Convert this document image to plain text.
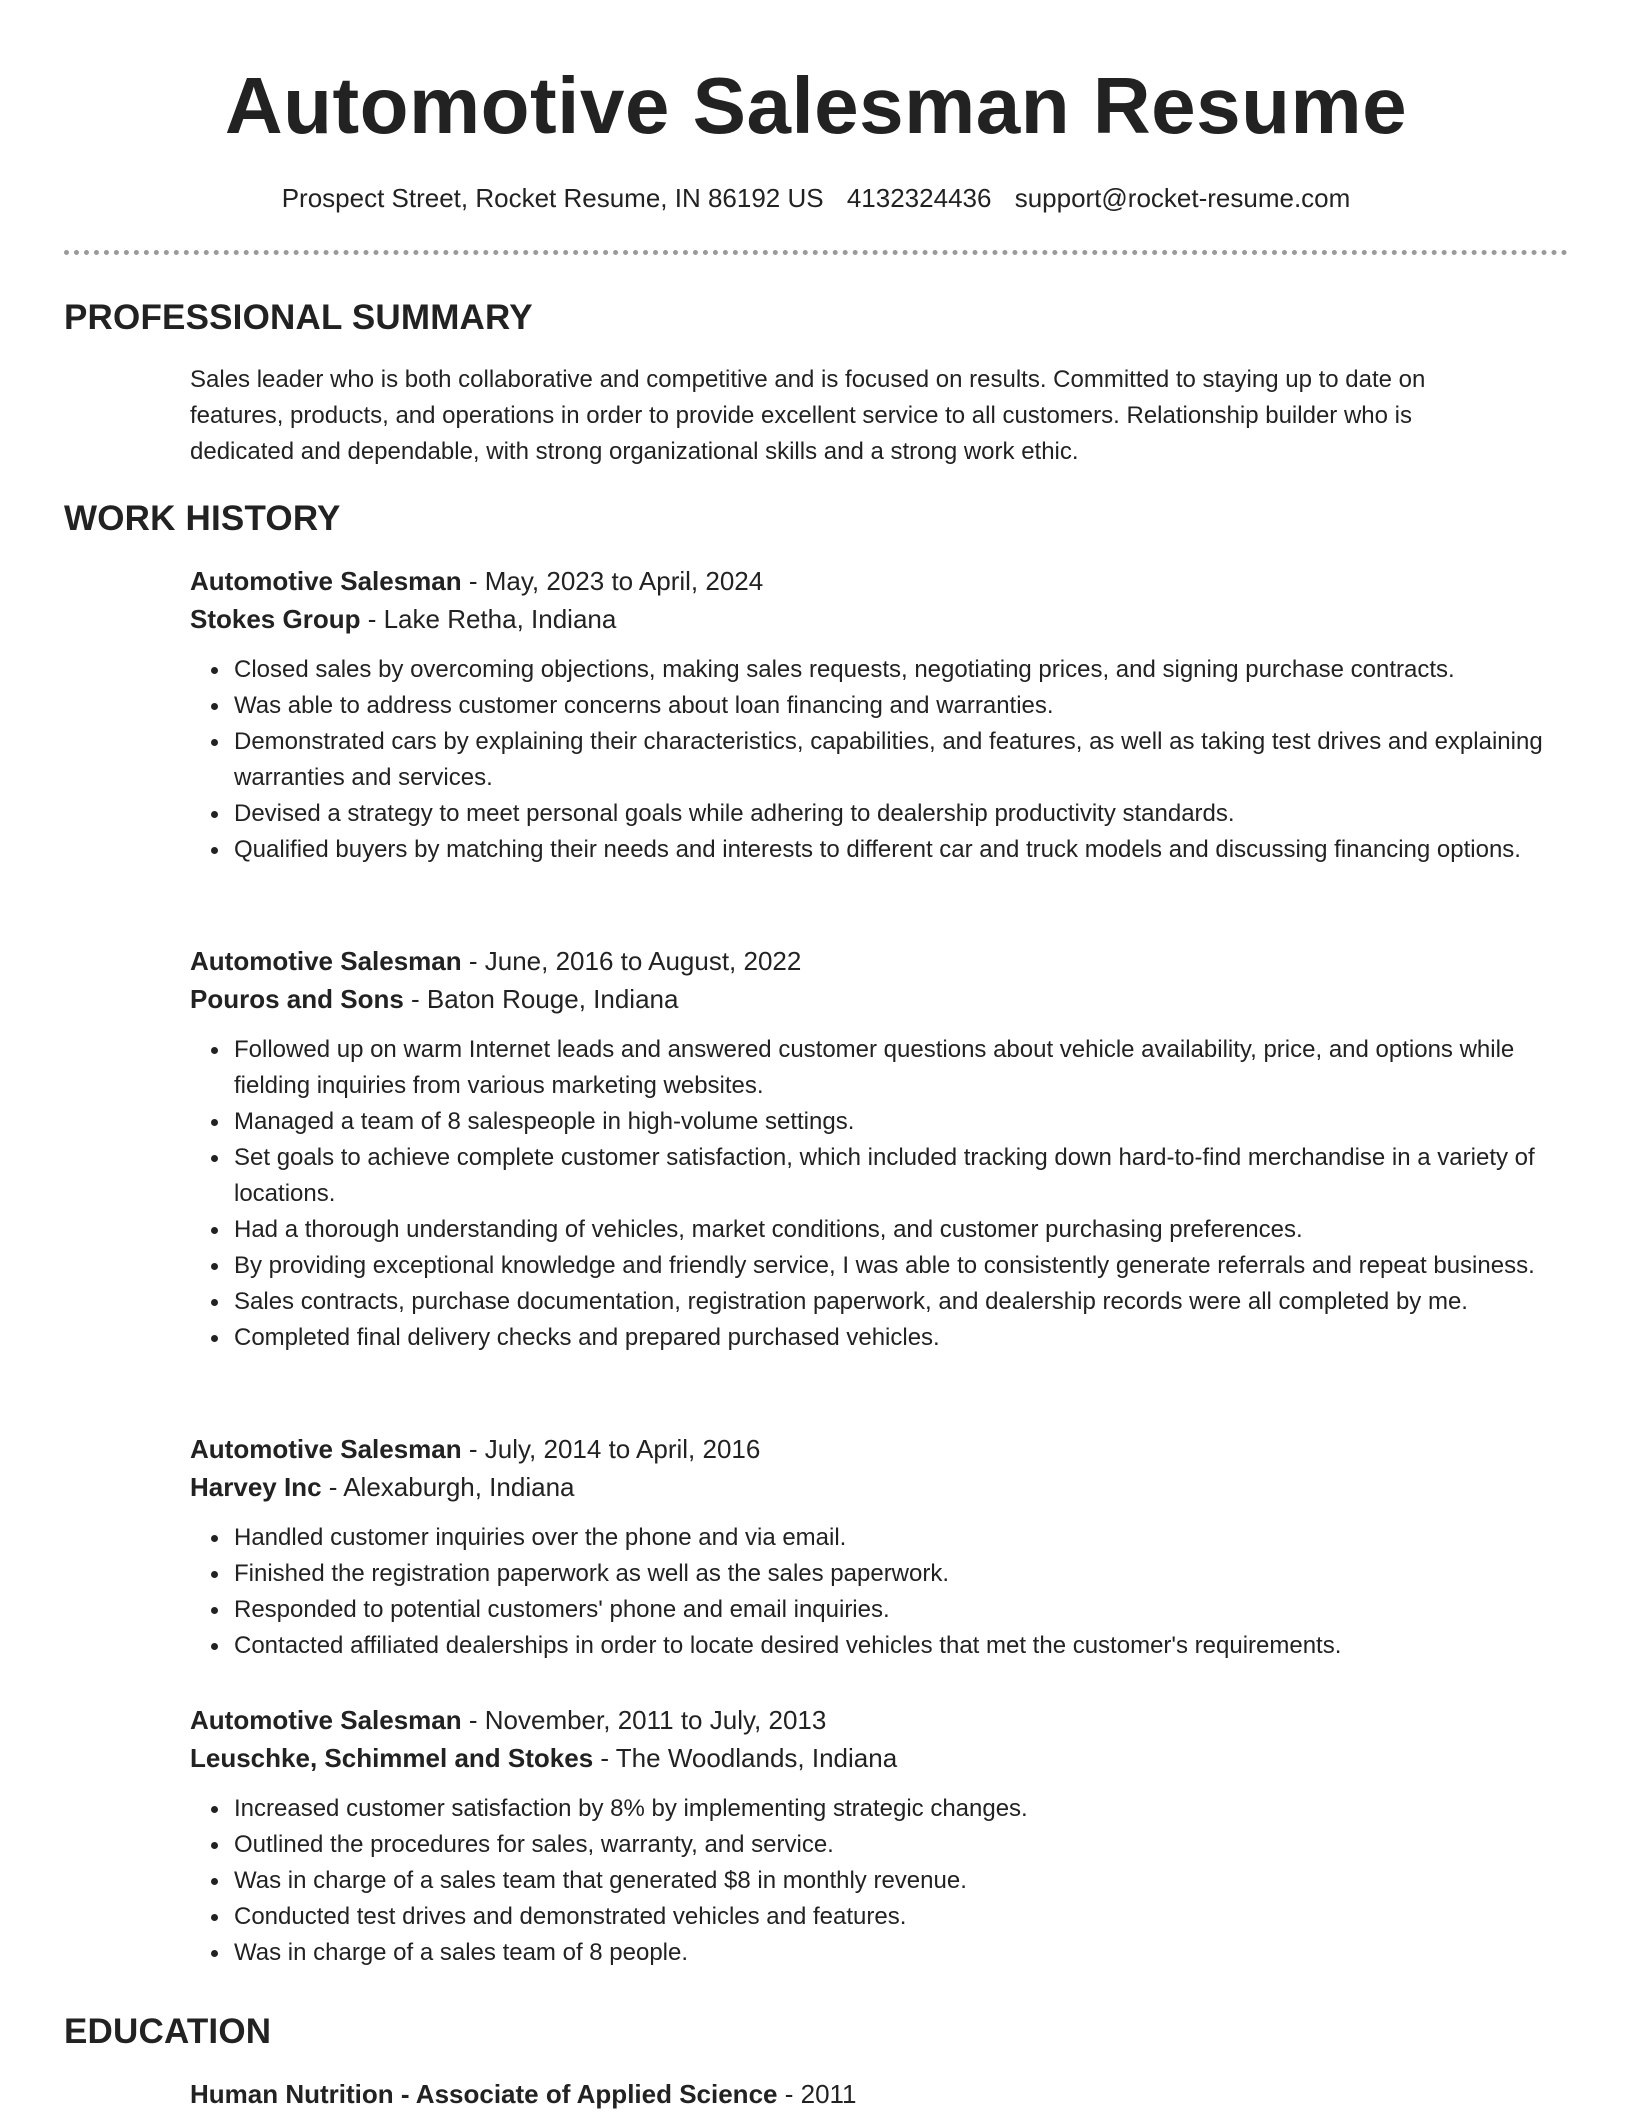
Automotive Salesman Resume
Prospect Street, Rocket Resume, IN 86192 US 4132324436 support@rocket-resume.com
PROFESSIONAL SUMMARY
Sales leader who is both collaborative and competitive and is focused on results. Committed to staying up to date on features, products, and operations in order to provide excellent service to all customers. Relationship builder who is dedicated and dependable, with strong organizational skills and a strong work ethic.
WORK HISTORY
Automotive Salesman - May, 2023 to April, 2024
Stokes Group - Lake Retha, Indiana
Closed sales by overcoming objections, making sales requests, negotiating prices, and signing purchase contracts.
Was able to address customer concerns about loan financing and warranties.
Demonstrated cars by explaining their characteristics, capabilities, and features, as well as taking test drives and explaining warranties and services.
Devised a strategy to meet personal goals while adhering to dealership productivity standards.
Qualified buyers by matching their needs and interests to different car and truck models and discussing financing options.
Automotive Salesman - June, 2016 to August, 2022
Pouros and Sons - Baton Rouge, Indiana
Followed up on warm Internet leads and answered customer questions about vehicle availability, price, and options while fielding inquiries from various marketing websites.
Managed a team of 8 salespeople in high-volume settings.
Set goals to achieve complete customer satisfaction, which included tracking down hard-to-find merchandise in a variety of locations.
Had a thorough understanding of vehicles, market conditions, and customer purchasing preferences.
By providing exceptional knowledge and friendly service, I was able to consistently generate referrals and repeat business.
Sales contracts, purchase documentation, registration paperwork, and dealership records were all completed by me.
Completed final delivery checks and prepared purchased vehicles.
Automotive Salesman - July, 2014 to April, 2016
Harvey Inc - Alexaburgh, Indiana
Handled customer inquiries over the phone and via email.
Finished the registration paperwork as well as the sales paperwork.
Responded to potential customers' phone and email inquiries.
Contacted affiliated dealerships in order to locate desired vehicles that met the customer's requirements.
Automotive Salesman - November, 2011 to July, 2013
Leuschke, Schimmel and Stokes - The Woodlands, Indiana
Increased customer satisfaction by 8% by implementing strategic changes.
Outlined the procedures for sales, warranty, and service.
Was in charge of a sales team that generated $8 in monthly revenue.
Conducted test drives and demonstrated vehicles and features.
Was in charge of a sales team of 8 people.
EDUCATION
Human Nutrition - Associate of Applied Science - 2011
